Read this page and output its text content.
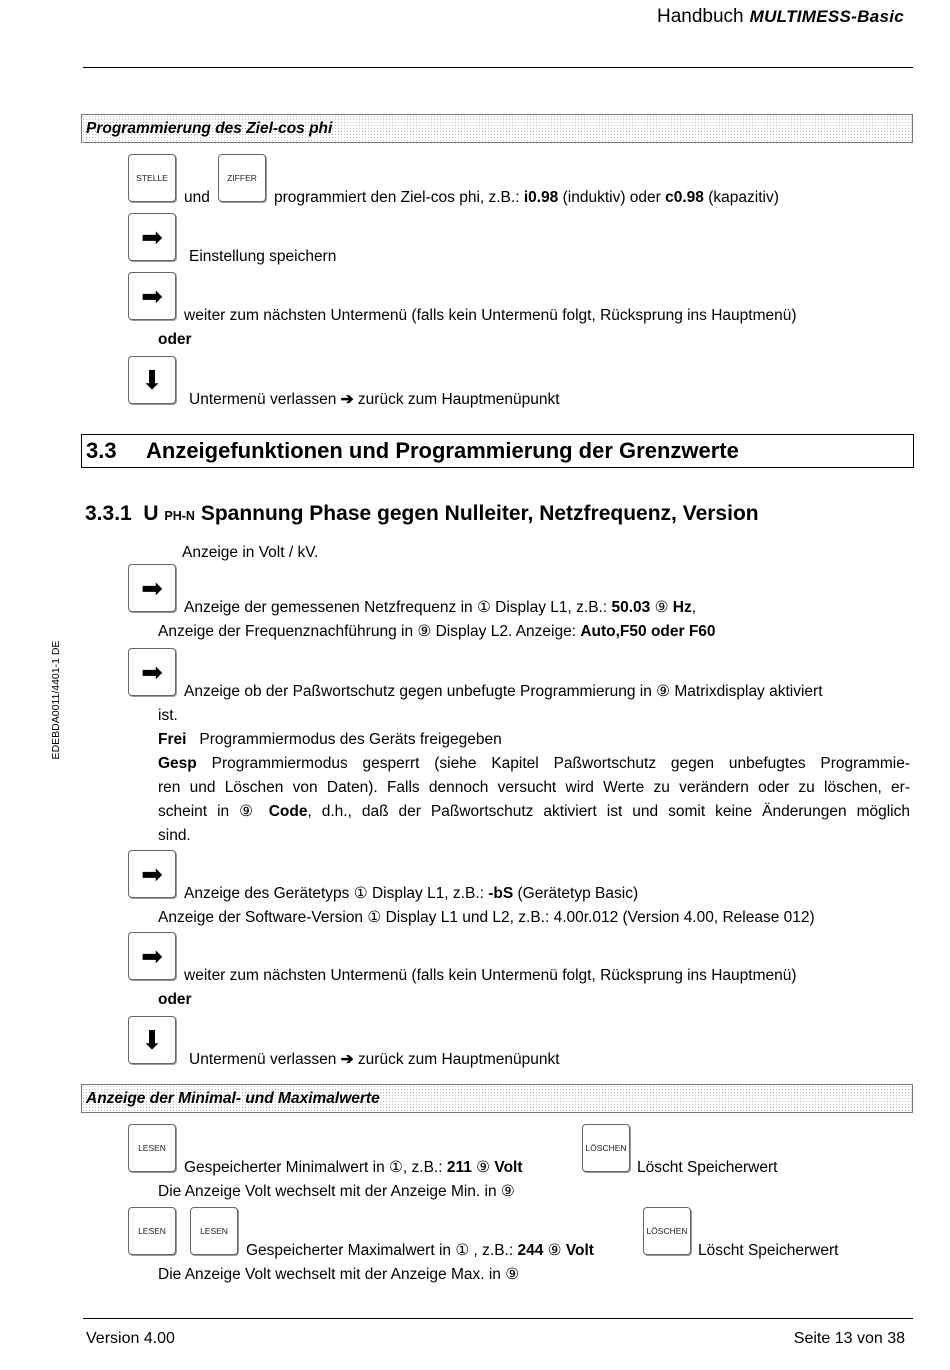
Handbuch MULTIMESS-Basic
EDEBDA0011/4401-1 DE
Programmierung des Ziel-cos phi
STELLE
und
ZIFFER
programmiert den Ziel-cos phi, z.B.: i0.98 (induktiv) oder c0.98 (kapazitiv)
➡
Einstellung speichern
➡
weiter zum nächsten Untermenü (falls kein Untermenü folgt, Rücksprung ins Hauptmenü)
oder
⬇
Untermenü verlassen ➔ zurück zum Hauptmenüpunkt
3.3 Anzeigefunktionen und Programmierung der Grenzwerte
3.3.1 U PH-N Spannung Phase gegen Nulleiter, Netzfrequenz, Version
Anzeige in Volt / kV.
➡
Anzeige der gemessenen Netzfrequenz in ① Display L1, z.B.: 50.03 ⑨ Hz,
Anzeige der Frequenznachführung in ⑨ Display L2. Anzeige: Auto,F50 oder F60
➡
Anzeige ob der Paßwortschutz gegen unbefugte Programmierung in ⑨ Matrixdisplay aktiviert
ist.
Frei Programmiermodus des Geräts freigegeben
Gesp Programmiermodus gesperrt (siehe Kapitel Paßwortschutz gegen unbefugtes Programmie-
ren und Löschen von Daten). Falls dennoch versucht wird Werte zu verändern oder zu löschen, er-
scheint in ⑨ Code, d.h., daß der Paßwortschutz aktiviert ist und somit keine Änderungen möglich
sind.
➡
Anzeige des Gerätetyps ① Display L1, z.B.: -bS (Gerätetyp Basic)
Anzeige der Software-Version ① Display L1 und L2, z.B.: 4.00r.012 (Version 4.00, Release 012)
➡
weiter zum nächsten Untermenü (falls kein Untermenü folgt, Rücksprung ins Hauptmenü)
oder
⬇
Untermenü verlassen ➔ zurück zum Hauptmenüpunkt
Anzeige der Minimal- und Maximalwerte
LESEN
Gespeicherter Minimalwert in ①, z.B.: 211 ⑨ Volt
LÖSCHEN
Löscht Speicherwert
Die Anzeige Volt wechselt mit der Anzeige Min. in ⑨
LESEN	LESEN
Gespeicherter Maximalwert in ① , z.B.: 244 ⑨ Volt
LÖSCHEN
Löscht Speicherwert
Die Anzeige Volt wechselt mit der Anzeige Max. in ⑨
Version 4.00	Seite 13 von 38
